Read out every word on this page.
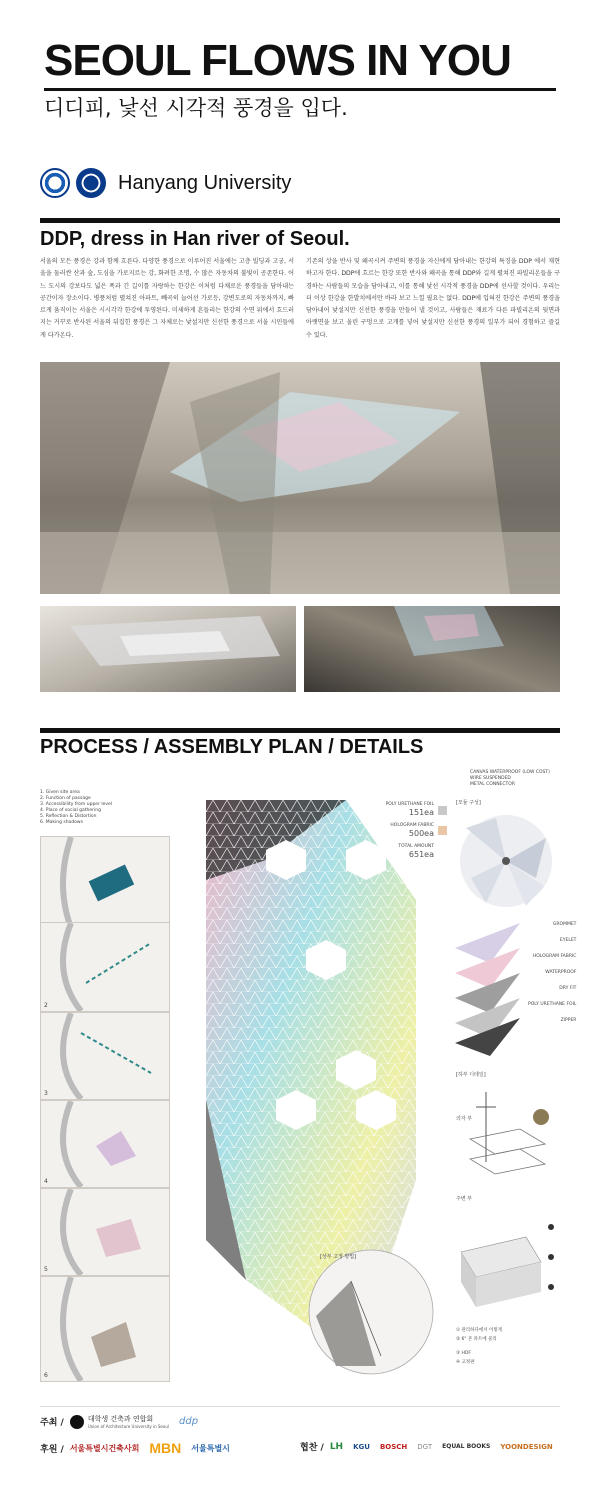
SEOUL FLOWS IN YOU
디디피, 낯선 시각적 풍경을 입다.
Hanyang University
DDP, dress in Han river of Seoul.
서울의 모든 풍경은 강과 함께 흐른다. 다양한 풍경으로 이루어진 서울에는 고층 빌딩과 고궁, 서울을 둘러싼 산과 숲, 도심을 가로지르는 강, 화려한 조명, 수 많은 자동차의 불빛이 공존한다. 어느 도시의 강보다도 넓은 폭과 긴 길이를 자랑하는 한강은 이처럼 다채로운 풍경들을 담아내는 공간이자 장소이다. 병풍처럼 펼쳐진 아파트, 빼곡히 늘어선 가로등, 강변도로의 자동차까지, 빠르게 움직이는 서울은 시시각각 한강에 투영된다. 미세하게 흔들리는 한강의 수면 위에서 흐드러지는 거꾸로 반사된 서울의 뒤집힌 풍경은 그 자체로는 낯설지만 신선한 풍경으로 서울 시민들에게 다가온다.
기존의 상을 반사 및 왜곡시켜 주변의 풍경을 자신에게 담아내는 한강의 특징을 DDP 에서 재현 하고자 한다. DDP에 흐르는 한강 또한 반사와 왜곡을 통해 DDP와 길게 펼쳐진 파빌리온들을 구경하는 사람들의 모습을 담아내고, 이를 통해 낯선 시각적 풍경을 DDP에 선사할 것이다. 우리는 더 이상 한강을 한발치에서만 바라 보고 느낄 필요는 없다. DDP에 입혀진 한강은 주변의 풍경을 담아내어 낯설지만 신선한 풍경을 만들어 낼 것이고, 사람들은 재료가 다른 파빌리온의 뒷면과 아랫면을 보고 올린 구멍으로 고개를 넣어 낯설지만 신선한 풍경의 일부가 되어 경험하고 즐길 수 있다.
PROCESS / ASSEMBLY PLAN / DETAILS
1. Given site area
2. Function of passage
3. Accessibility from upper level
4. Place of social gathering
5. Reflection & Distortion
6. Making shadows
2
3
4
5
6
POLY URETHANE FOIL
151ea
HOLOGRAM FABRIC
500ea
TOTAL AMOUNT
651ea
CANVAS WATERPROOF (LOW COST)
WIRE SUSPENDED
METAL CONNECTOR
[모듈 구성]
GROMMET
EYELET
HOLOGRAM FABRIC
WATERPROOF
DRY FIT
POLY URETHANE FOIL
ZIPPER
[하부 디테일]
의자 부
주변 부
① 관리하다에서 이렇게
② 6" 본 파트에 물리
③ HOF
④ 고정판
[상부 고정 방법]
주최 /	대학생 건축과 연합회
Union of Architecture University in Seoul ddp
후원 / 서울특별시건축사회 MBN 서울특별시	협찬 / LH KGU BOSCH DGT EQUAL BOOKS YOONDESIGN
